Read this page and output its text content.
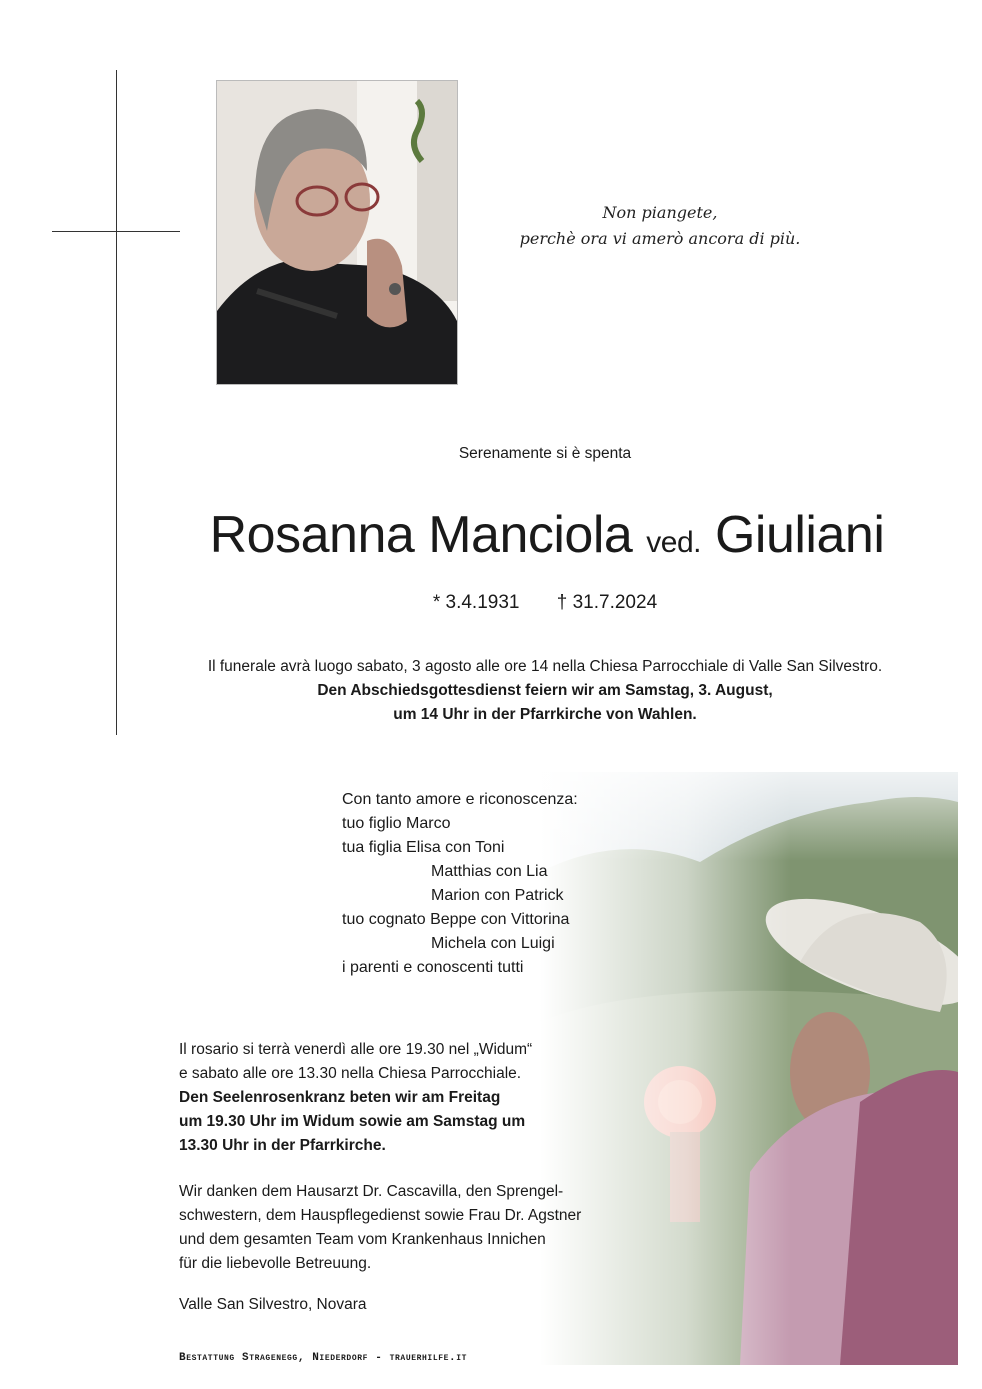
Non piangete,
perchè ora vi amerò ancora di più.
Serenamente si è spenta
Rosanna Manciola ved. Giuliani
* 3.4.1931 † 31.7.2024
Il funerale avrà luogo sabato, 3 agosto alle ore 14 nella Chiesa Parrocchiale di Valle San Silvestro.
Den Abschiedsgottesdienst feiern wir am Samstag, 3. August,
um 14 Uhr in der Pfarrkirche von Wahlen.
Con tanto amore e riconoscenza:
tuo figlio Marco
tua figlia Elisa con Toni
Matthias con Lia
Marion con Patrick
tuo cognato Beppe con Vittorina
Michela con Luigi
i parenti e conoscenti tutti
Il rosario si terrà venerdì alle ore 19.30 nel „Widum“
e sabato alle ore 13.30 nella Chiesa Parrocchiale.
Den Seelenrosenkranz beten wir am Freitag
um 19.30 Uhr im Widum sowie am Samstag um
13.30 Uhr in der Pfarrkirche.
Wir danken dem Hausarzt Dr. Cascavilla, den Sprengel-
schwestern, dem Hauspflegedienst sowie Frau Dr. Agstner
und dem gesamten Team vom Krankenhaus Innichen
für die liebevolle Betreuung.
Valle San Silvestro, Novara
Bestattung Stragenegg, Niederdorf - trauerhilfe.it
